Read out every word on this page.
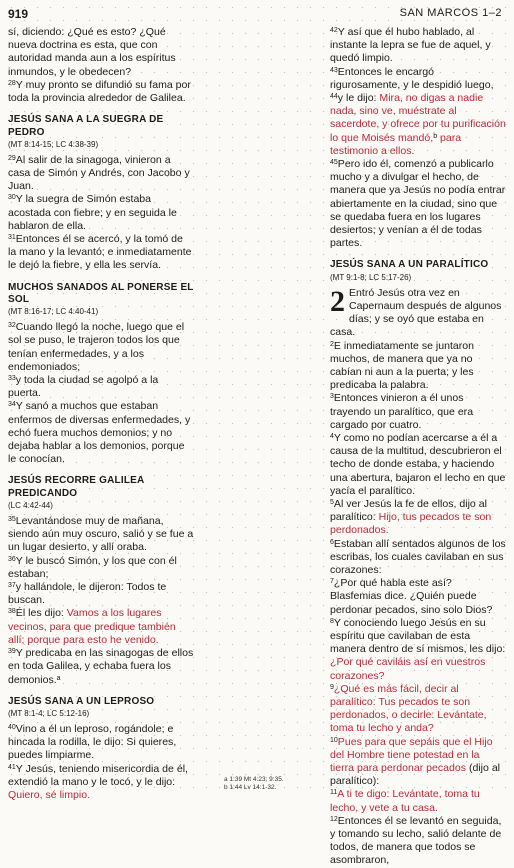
919	SAN MARCOS 1–2

sí, diciendo: ¿Qué es esto? ¿Qué nueva doctrina es esta, que con autoridad manda aun a los espíritus inmundos, y le obedecen?

$^{28}$Y muy pronto se difundió su fama por toda la provincia alrededor de Galilea.

JESÚS SANA A LA SUEGRA DE PEDRO
(MT 8:14-15; LC 4:38-39)

$^{29}$Al salir de la sinagoga, vinieron a casa de Simón y Andrés, con Jacobo y Juan.

$^{30}$Y la suegra de Simón estaba acostada con fiebre; y en seguida le hablaron de ella.

$^{31}$Entonces él se acercó, y la tomó de la mano y la levantó; e inmediatamente le dejó la fiebre, y ella les servía.

MUCHOS SANADOS AL PONERSE EL SOL
(MT 8:16-17; LC 4:40-41)

$^{32}$Cuando llegó la noche, luego que el sol se puso, le trajeron todos los que tenían enfermedades, y a los endemoniados;

$^{33}$y toda la ciudad se agolpó a la puerta.

$^{34}$Y sanó a muchos que estaban enfermos de diversas enfermedades, y echó fuera muchos demonios; y no dejaba hablar a los demonios, porque le conocían.

JESÚS RECORRE GALILEA PREDICANDO
(LC 4:42-44)

$^{35}$Levantándose muy de mañana, siendo aún muy oscuro, salió y se fue a un lugar desierto, y allí oraba.

$^{36}$Y le buscó Simón, y los que con él estaban;

$^{37}$y hallándole, le dijeron: Todos te buscan.

$^{38}$Él les dijo: Vamos a los lugares vecinos, para que predique también allí; porque para esto he venido.

$^{39}$Y predicaba en las sinagogas de ellos en toda Galilea, y echaba fuera los demonios.$^a$

JESÚS SANA A UN LEPROSO
(MT 8:1-4; LC 5:12-16)

$^{40}$Vino a él un leproso, rogándole; e hincada la rodilla, le dijo: Si quieres, puedes limpiarme.

$^{41}$Y Jesús, teniendo misericordia de él, extendió la mano y le tocó, y le dijo: Quiero, sé limpio.

$^{42}$Y así que él hubo hablado, al instante la lepra se fue de aquel, y quedó limpio.

$^{43}$Entonces le encargó rigurosamente, y le despidió luego,

$^{44}$y le dijo: Mira, no digas a nadie nada, sino ve, muéstrate al sacerdote, y ofrece por tu purificación lo que Moisés mandó,$^b$ para testimonio a ellos.

$^{45}$Pero ido él, comenzó a publicarlo mucho y a divulgar el hecho, de manera que ya Jesús no podía entrar abiertamente en la ciudad, sino que se quedaba fuera en los lugares desiertos; y venían a él de todas partes.

JESÚS SANA A UN PARALÍTICO
(MT 9:1-8; LC 5:17-26)

2 Entró Jesús otra vez en Capernaum después de algunos días; y se oyó que estaba en casa.

$^2$E inmediatamente se juntaron muchos, de manera que ya no cabían ni aun a la puerta; y les predicaba la palabra.

$^3$Entonces vinieron a él unos trayendo un paralítico, que era cargado por cuatro.

$^4$Y como no podían acercarse a él a causa de la multitud, descubrieron el techo de donde estaba, y haciendo una abertura, bajaron el lecho en que yacía el paralítico.

$^5$Al ver Jesús la fe de ellos, dijo al paralítico: Hijo, tus pecados te son perdonados.

$^6$Estaban allí sentados algunos de los escribas, los cuales cavilaban en sus corazones:

$^7$¿Por qué habla este así? Blasfemias dice. ¿Quién puede perdonar pecados, sino solo Dios?

$^8$Y conociendo luego Jesús en su espíritu que cavilaban de esta manera dentro de sí mismos, les dijo: ¿Por qué caviláis así en vuestros corazones?

$^9$¿Qué es más fácil, decir al paralítico: Tus pecados te son perdonados, o decirle: Levántate, toma tu lecho y anda?

$^{10}$Pues para que sepáis que el Hijo del Hombre tiene potestad en la tierra para perdonar pecados (dijo al paralítico):

$^{11}$A ti te digo: Levántate, toma tu lecho, y vete a tu casa.

$^{12}$Entonces él se levantó en seguida, y tomando su lecho, salió delante de todos, de manera que todos se asombraron,

a 1:39 Mt 4:23; 9:35.
b 1:44 Lv 14:1-32.
